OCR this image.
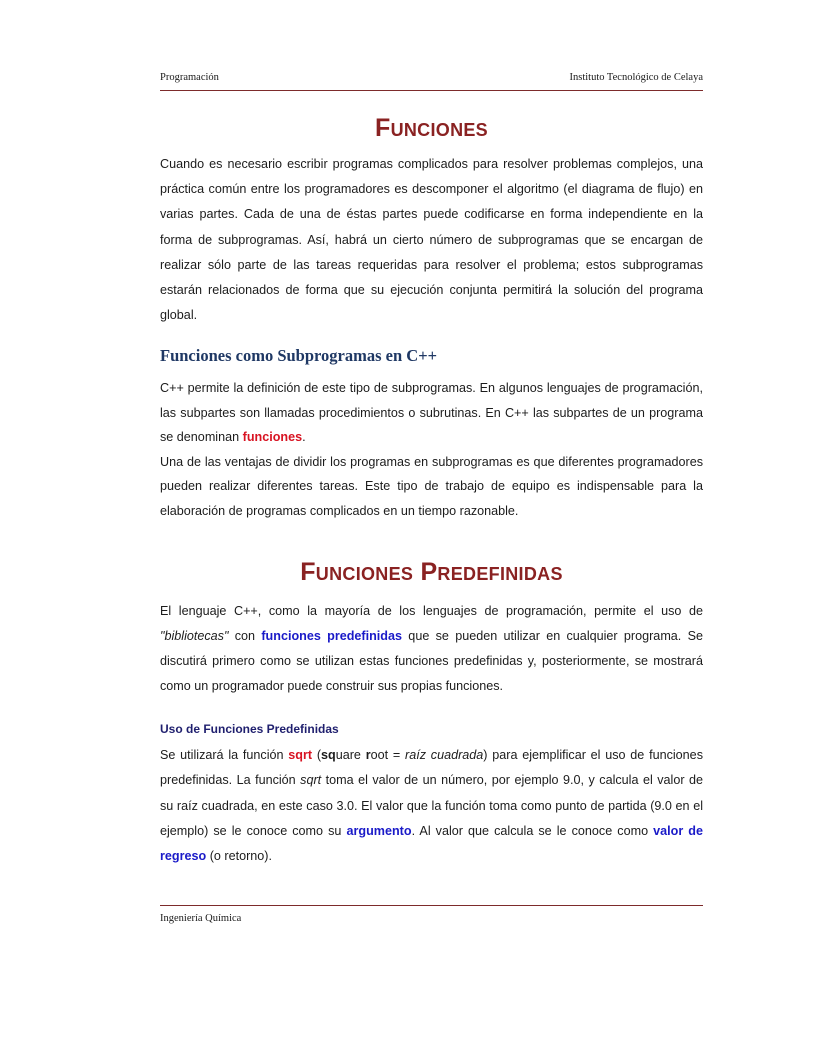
Programación	Instituto Tecnológico de Celaya
Funciones

Cuando es necesario escribir programas complicados para resolver problemas complejos, una práctica común entre los programadores es descomponer el algoritmo (el diagrama de flujo) en varias partes. Cada de una de éstas partes puede codificarse en forma independiente en la forma de subprogramas. Así, habrá un cierto número de subprogramas que se encargan de realizar sólo parte de las tareas requeridas para resolver el problema; estos subprogramas estarán relacionados de forma que su ejecución conjunta permitirá la solución del programa global.

Funciones como Subprogramas en C++

C++ permite la definición de este tipo de subprogramas. En algunos lenguajes de programación, las subpartes son llamadas procedimientos o subrutinas. En C++ las subpartes de un programa se denominan funciones.

Una de las ventajas de dividir los programas en subprogramas es que diferentes programadores pueden realizar diferentes tareas. Este tipo de trabajo de equipo es indispensable para la elaboración de programas complicados en un tiempo razonable.

Funciones Predefinidas

El lenguaje C++, como la mayoría de los lenguajes de programación, permite el uso de "bibliotecas" con funciones predefinidas que se pueden utilizar en cualquier programa. Se discutirá primero como se utilizan estas funciones predefinidas y, posteriormente, se mostrará como un programador puede construir sus propias funciones.

Uso de Funciones Predefinidas

Se utilizará la función sqrt (square root = raíz cuadrada) para ejemplificar el uso de funciones predefinidas. La función sqrt toma el valor de un número, por ejemplo 9.0, y calcula el valor de su raíz cuadrada, en este caso 3.0. El valor que la función toma como punto de partida (9.0 en el ejemplo) se le conoce como su argumento. Al valor que calcula se le conoce como valor de regreso (o retorno).

Ingeniería Química
